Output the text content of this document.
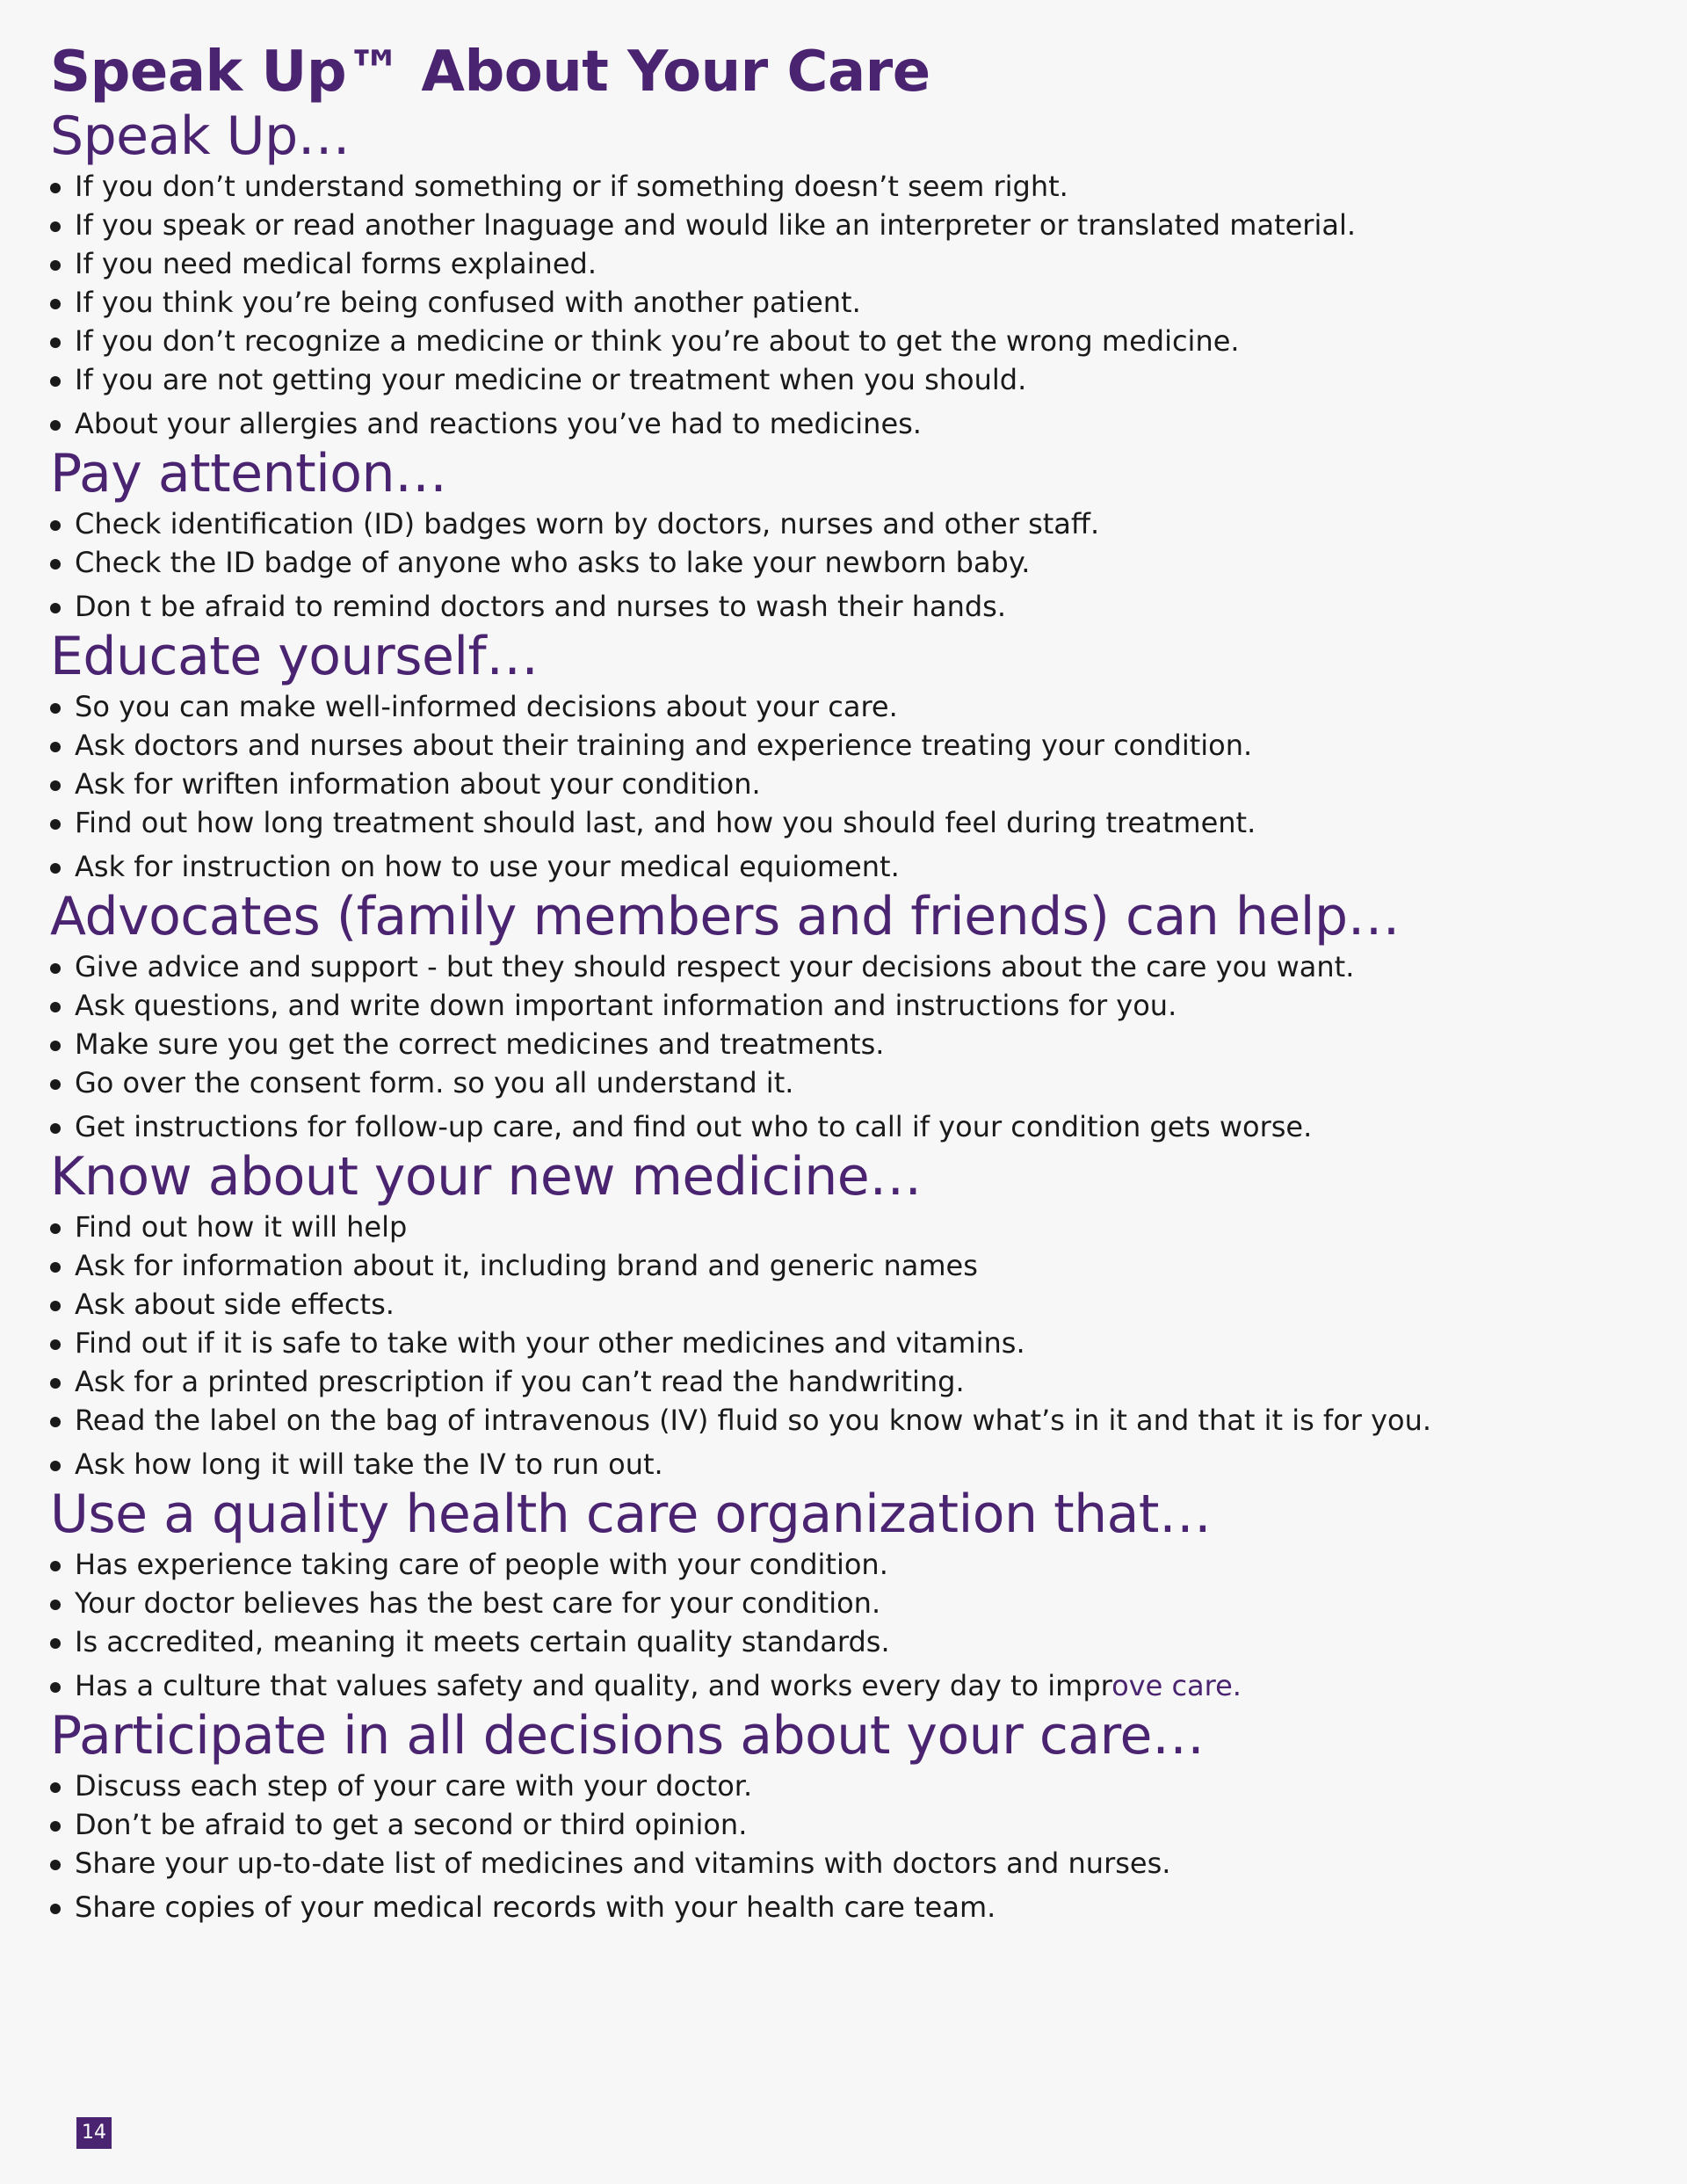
Speak Up™ About Your Care
Speak Up…
If you don’t understand something or if something doesn’t seem right.
If you speak or read another lnaguage and would like an interpreter or translated material.
If you need medical forms explained.
If you think you’re being confused with another patient.
If you don’t recognize a medicine or think you’re about to get the wrong medicine.
If you are not getting your medicine or treatment when you should.
About your allergies and reactions you’ve had to medicines.
Pay attention…
Check identification (ID) badges worn by doctors, nurses and other staff.
Check the ID badge of anyone who asks to lake your newborn baby.
Don t be afraid to remind doctors and nurses to wash their hands.
Educate yourself…
So you can make well-informed decisions about your care.
Ask doctors and nurses about their training and experience treating your condition.
Ask for wriften information about your condition.
Find out how long treatment should last, and how you should feel during treatment.
Ask for instruction on how to use your medical equioment.
Advocates (family members and friends) can help…
Give advice and support - but they should respect your decisions about the care you want.
Ask questions, and write down important information and instructions for you.
Make sure you get the correct medicines and treatments.
Go over the consent form. so you all understand it.
Get instructions for follow-up care, and find out who to call if your condition gets worse.
Know about your new medicine…
Find out how it will help
Ask for information about it, including brand and generic names
Ask about side effects.
Find out if it is safe to take with your other medicines and vitamins.
Ask for a printed prescription if you can’t read the handwriting.
Read the label on the bag of intravenous (IV) fluid so you know what’s in it and that it is for you.
Ask how long it will take the IV to run out.
Use a quality health care organization that…
Has experience taking care of people with your condition.
Your doctor believes has the best care for your condition.
Is accredited, meaning it meets certain quality standards.
Has a culture that values safety and quality, and works every day to improve care.
Participate in all decisions about your care…
Discuss each step of your care with your doctor.
Don’t be afraid to get a second or third opinion.
Share your up-to-date list of medicines and vitamins with doctors and nurses.
Share copies of your medical records with your health care team.
14
